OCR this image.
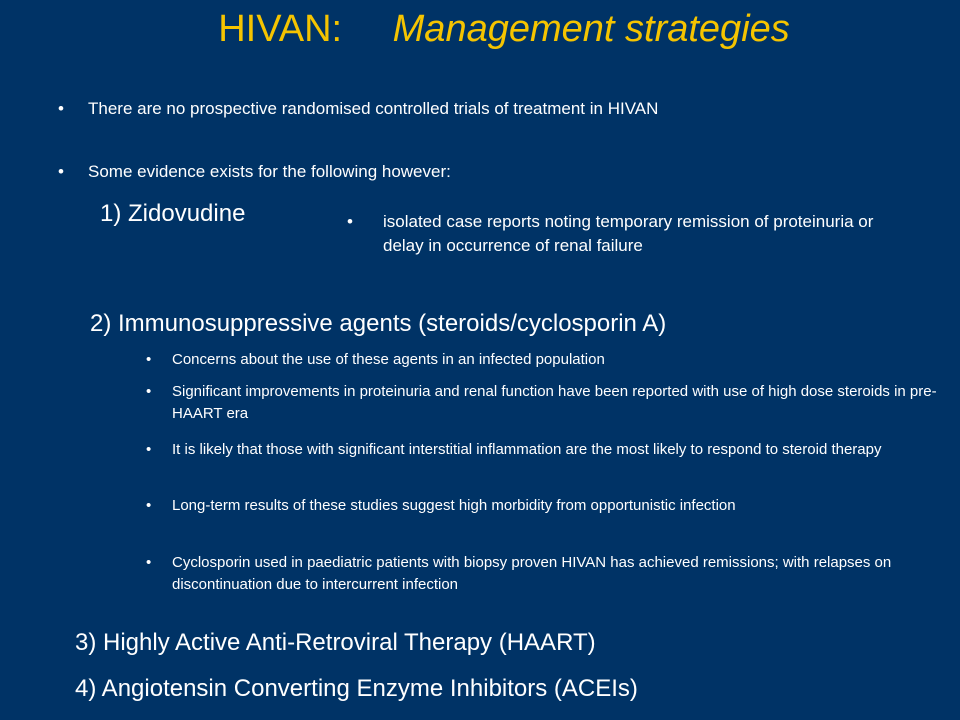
HIVAN: Management strategies
• There are no prospective randomised controlled trials of treatment in HIVAN
• Some evidence exists for the following however:
1) Zidovudine	• isolated case reports noting temporary remission of proteinuria or delay in occurrence of renal failure
2) Immunosuppressive agents (steroids/cyclosporin A)
• Concerns about the use of these agents in an infected population
• Significant improvements in proteinuria and renal function have been reported with use of high dose steroids in pre-HAART era
• It is likely that those with significant interstitial inflammation are the most likely to respond to steroid therapy
• Long-term results of these studies suggest high morbidity from opportunistic infection
• Cyclosporin used in paediatric patients with biopsy proven HIVAN has achieved remissions; with relapses on discontinuation due to intercurrent infection
3) Highly Active Anti-Retroviral Therapy (HAART)
4) Angiotensin Converting Enzyme Inhibitors (ACEIs)
